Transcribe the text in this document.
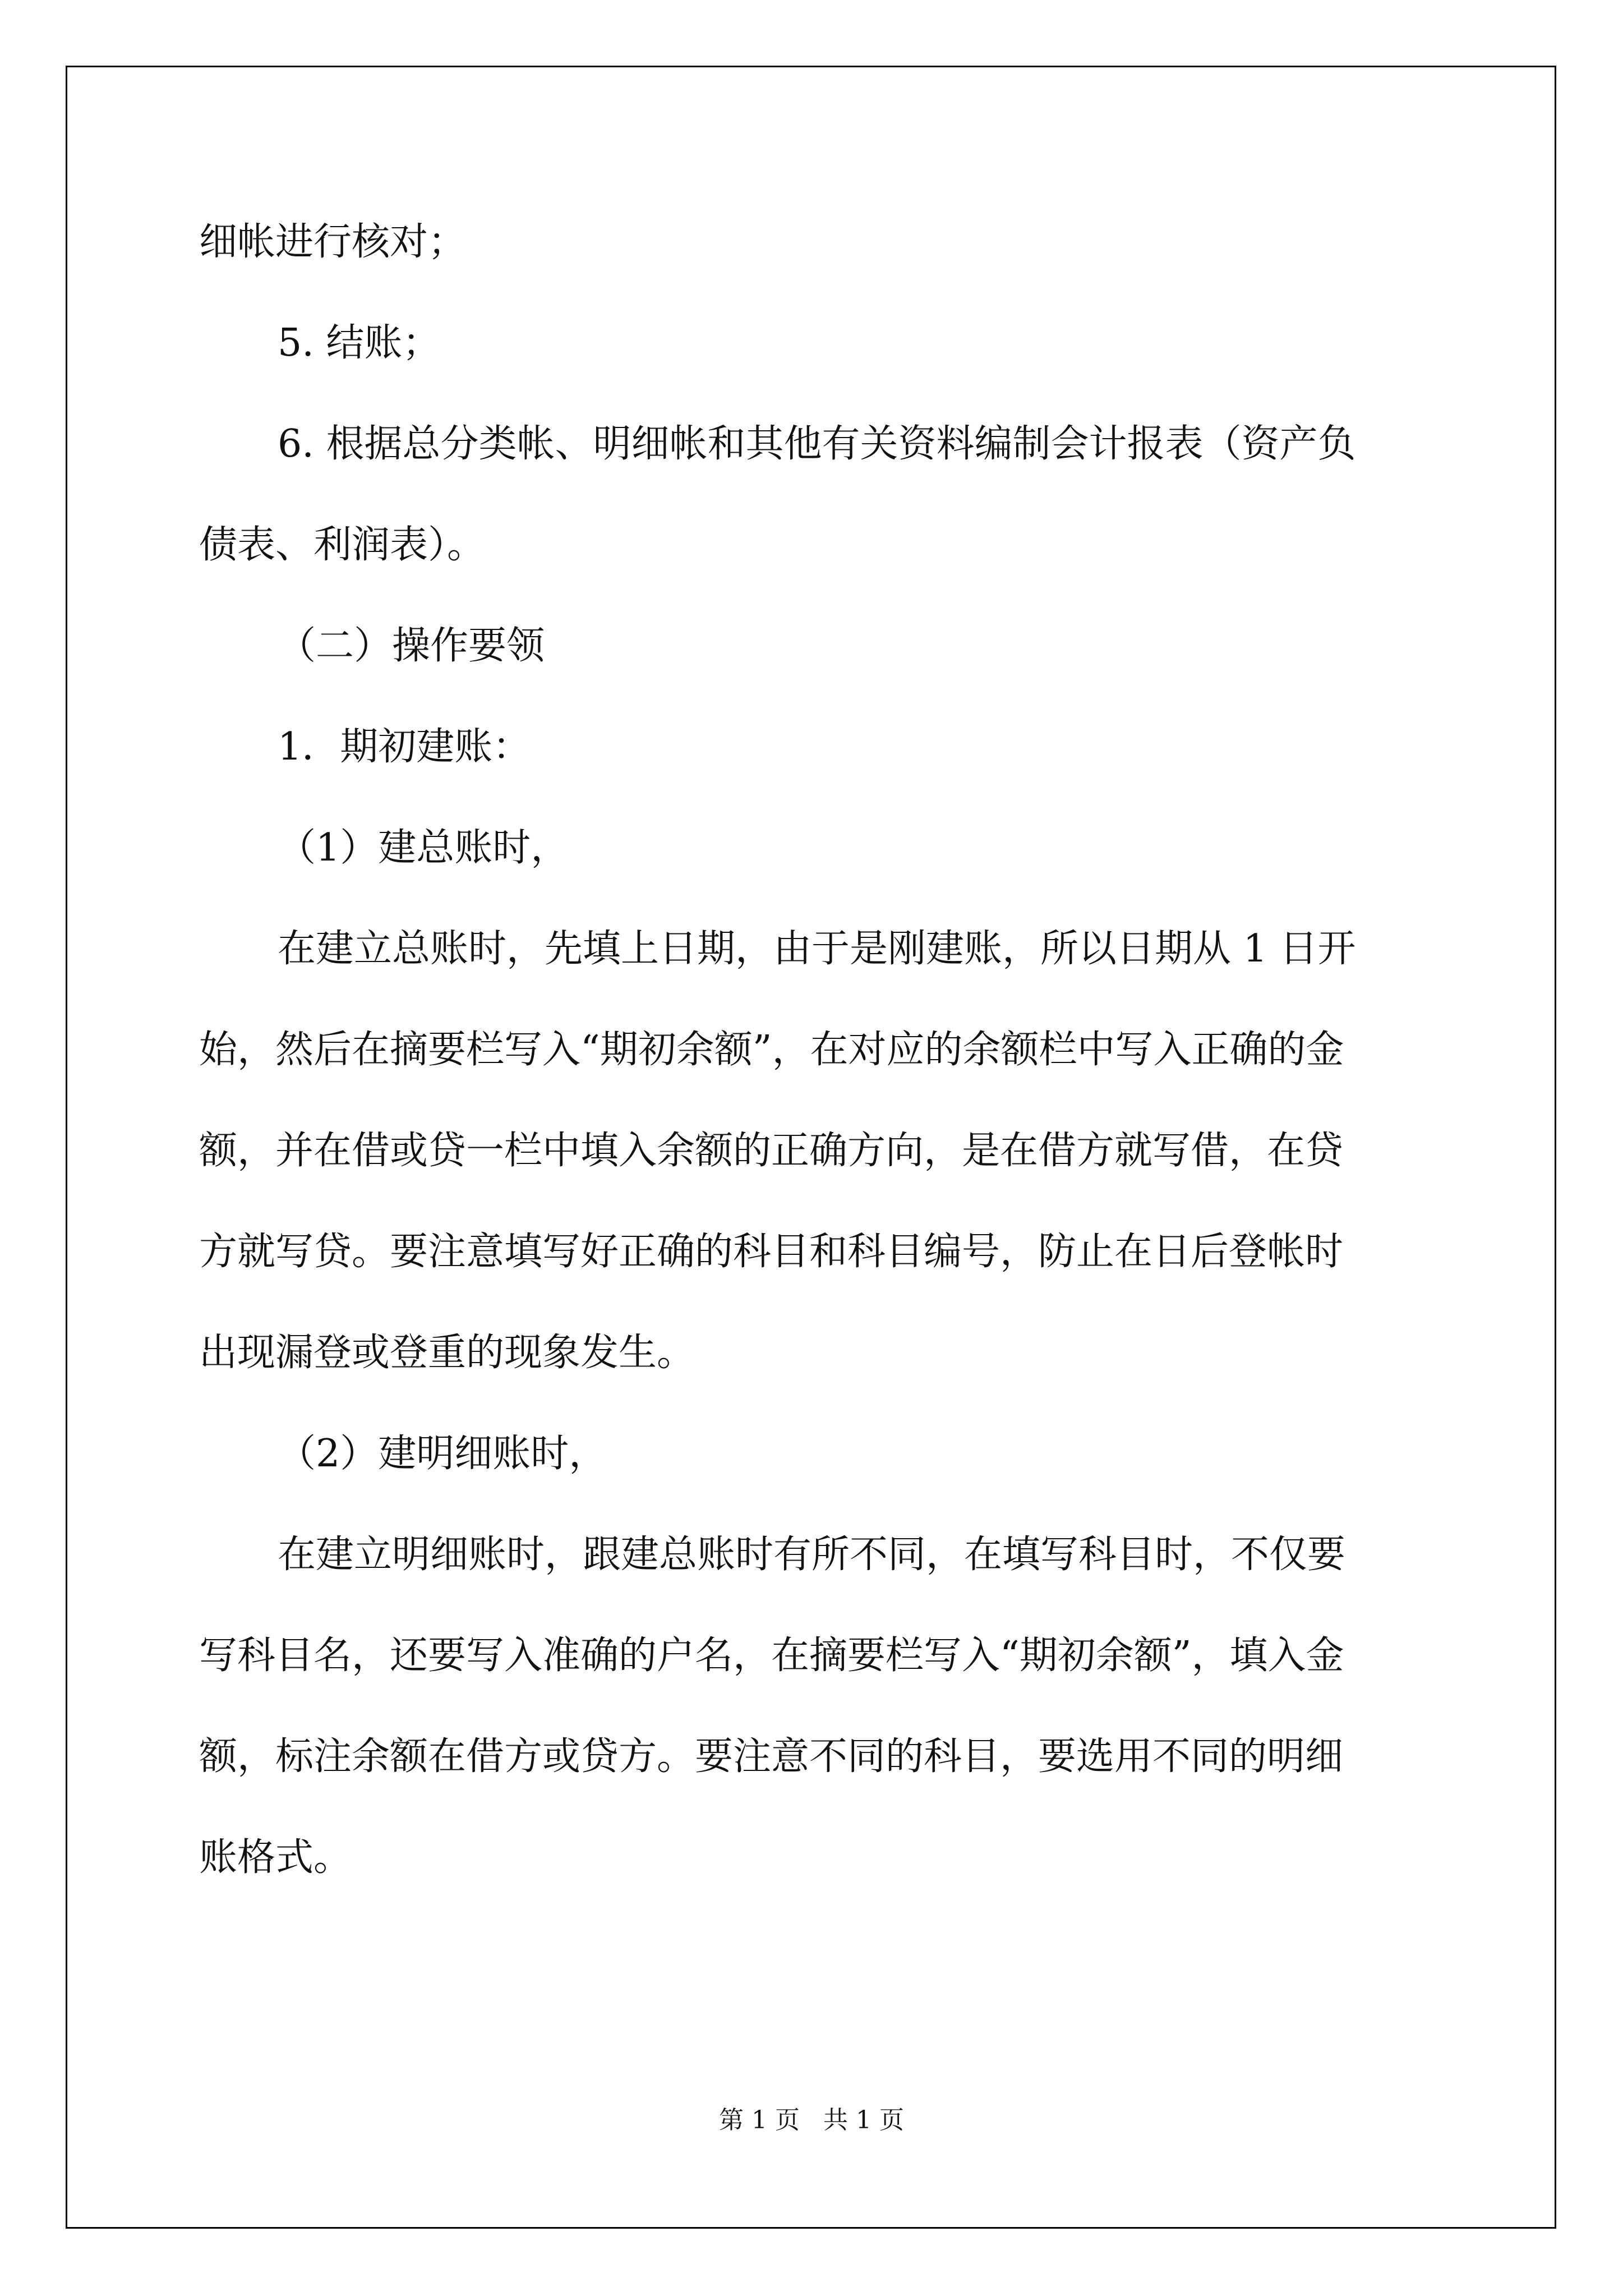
细帐进行核对；

5. 结账；

6. 根据总分类帐、明细帐和其他有关资料编制会计报表（资产负

债表、利润表）。

（二）操作要领

1．期初建账：

（1）建总账时，

在建立总账时，先填上日期，由于是刚建账，所以日期从 1 日开

始，然后在摘要栏写入“期初余额”，在对应的余额栏中写入正确的金

额，并在借或贷一栏中填入余额的正确方向，是在借方就写借，在贷

方就写贷。要注意填写好正确的科目和科目编号，防止在日后登帐时

出现漏登或登重的现象发生。

（2）建明细账时，

在建立明细账时，跟建总账时有所不同，在填写科目时，不仅要

写科目名，还要写入准确的户名，在摘要栏写入“期初余额”，填入金

额，标注余额在借方或贷方。要注意不同的科目，要选用不同的明细

账格式。

第 1 页   共 1 页
